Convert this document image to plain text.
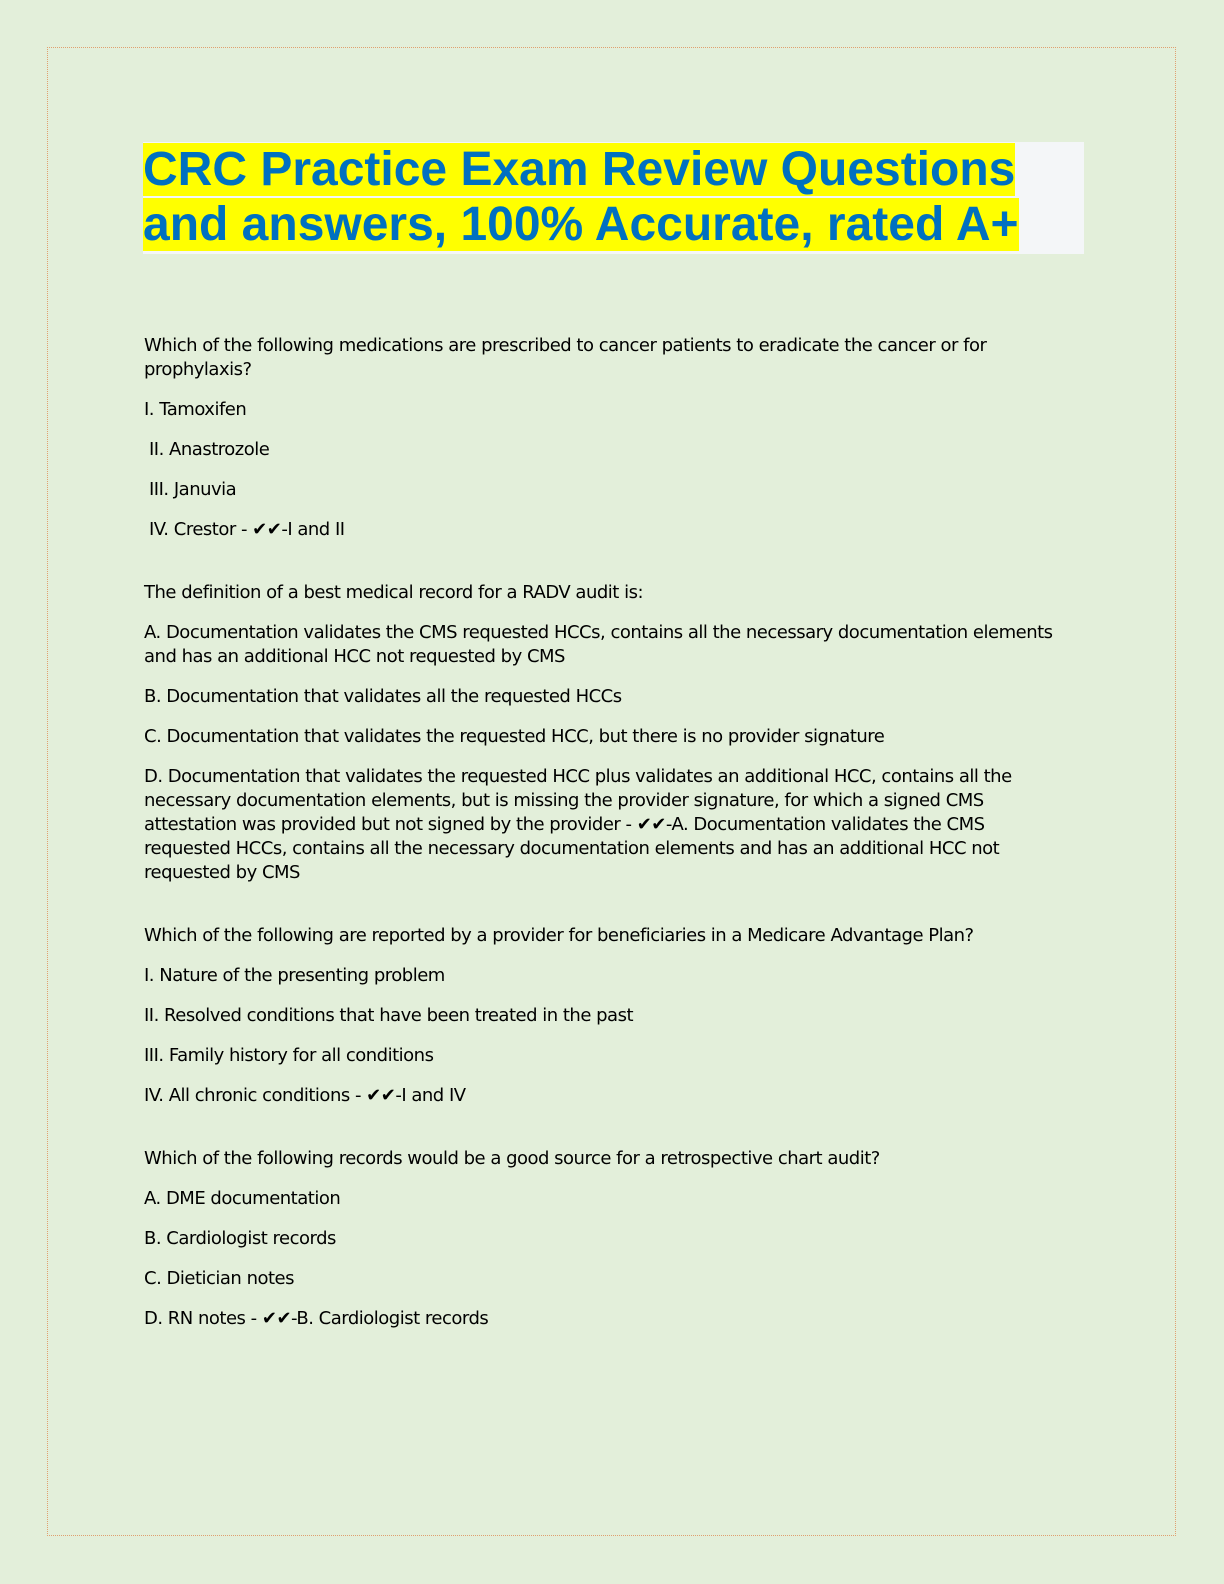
CRC Practice Exam Review Questions
and answers, 100% Accurate, rated A+

Which of the following medications are prescribed to cancer patients to eradicate the cancer or for prophylaxis?

I. Tamoxifen

II. Anastrozole

III. Januvia

IV. Crestor - ✔✔-I and II

The definition of a best medical record for a RADV audit is:

A. Documentation validates the CMS requested HCCs, contains all the necessary documentation elements and has an additional HCC not requested by CMS

B. Documentation that validates all the requested HCCs

C. Documentation that validates the requested HCC, but there is no provider signature

D. Documentation that validates the requested HCC plus validates an additional HCC, contains all the necessary documentation elements, but is missing the provider signature, for which a signed CMS attestation was provided but not signed by the provider - ✔✔-A. Documentation validates the CMS requested HCCs, contains all the necessary documentation elements and has an additional HCC not requested by CMS

Which of the following are reported by a provider for beneficiaries in a Medicare Advantage Plan?

I. Nature of the presenting problem

II. Resolved conditions that have been treated in the past

III. Family history for all conditions

IV. All chronic conditions - ✔✔-I and IV

Which of the following records would be a good source for a retrospective chart audit?

A. DME documentation

B. Cardiologist records

C. Dietician notes

D. RN notes - ✔✔-B. Cardiologist records
